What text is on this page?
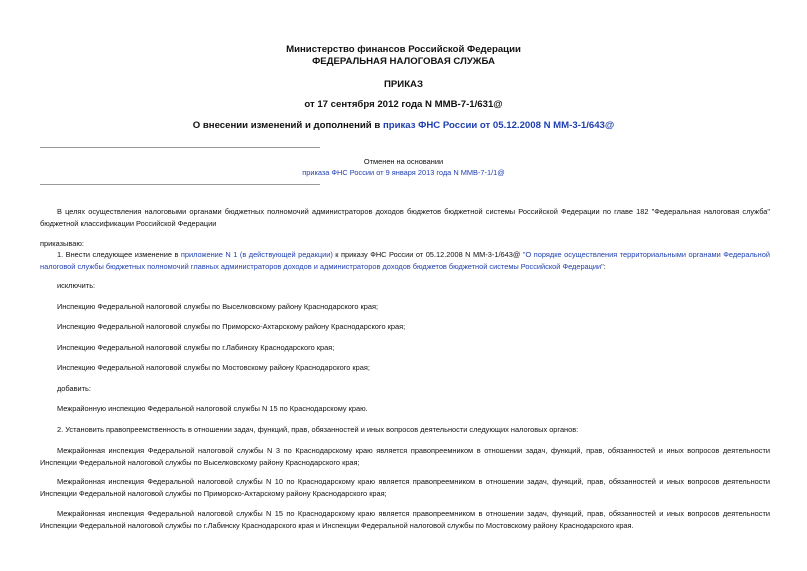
Министерство финансов Российской Федерации
ФЕДЕРАЛЬНАЯ НАЛОГОВАЯ СЛУЖБА
ПРИКАЗ
от 17 сентября 2012 года N ММВ-7-1/631@
О внесении изменений и дополнений в приказ ФНС России от 05.12.2008 N ММ-3-1/643@
Отменен на основании
приказа ФНС России от 9 января 2013 года N ММВ-7-1/1@
В целях осуществления налоговыми органами бюджетных полномочий администраторов доходов бюджетов бюджетной системы Российской Федерации по главе 182 "Федеральная налоговая служба" бюджетной классификации Российской Федерации
приказываю:
1. Внести следующее изменение в приложение N 1 (в действующей редакции) к приказу ФНС России от 05.12.2008 N ММ-3-1/643@ "О порядке осуществления территориальными органами Федеральной налоговой службы бюджетных полномочий главных администраторов доходов и администраторов доходов бюджетов бюджетной системы Российской Федерации":
исключить:
Инспекцию Федеральной налоговой службы по Выселковскому району Краснодарского края;
Инспекцию Федеральной налоговой службы по Приморско-Ахтарскому району Краснодарского края;
Инспекцию Федеральной налоговой службы по г.Лабинску Краснодарского края;
Инспекцию Федеральной налоговой службы по Мостовскому району Краснодарского края;
добавить:
Межрайонную инспекцию Федеральной налоговой службы N 15 по Краснодарскому краю.
2. Установить правопреемственность в отношении задач, функций, прав, обязанностей и иных вопросов деятельности следующих налоговых органов:
Межрайонная инспекция Федеральной налоговой службы N 3 по Краснодарскому краю является правопреемником в отношении задач, функций, прав, обязанностей и иных вопросов деятельности Инспекции Федеральной налоговой службы по Выселковскому району Краснодарского края;
Межрайонная инспекция Федеральной налоговой службы N 10 по Краснодарскому краю является правопреемником в отношении задач, функций, прав, обязанностей и иных вопросов деятельности Инспекции Федеральной налоговой службы по Приморско-Ахтарскому району Краснодарского края;
Межрайонная инспекция Федеральной налоговой службы N 15 по Краснодарскому краю является правопреемником в отношении задач, функций, прав, обязанностей и иных вопросов деятельности Инспекции Федеральной налоговой службы по г.Лабинску Краснодарского края и Инспекции Федеральной налоговой службы по Мостовскому району Краснодарского края.
